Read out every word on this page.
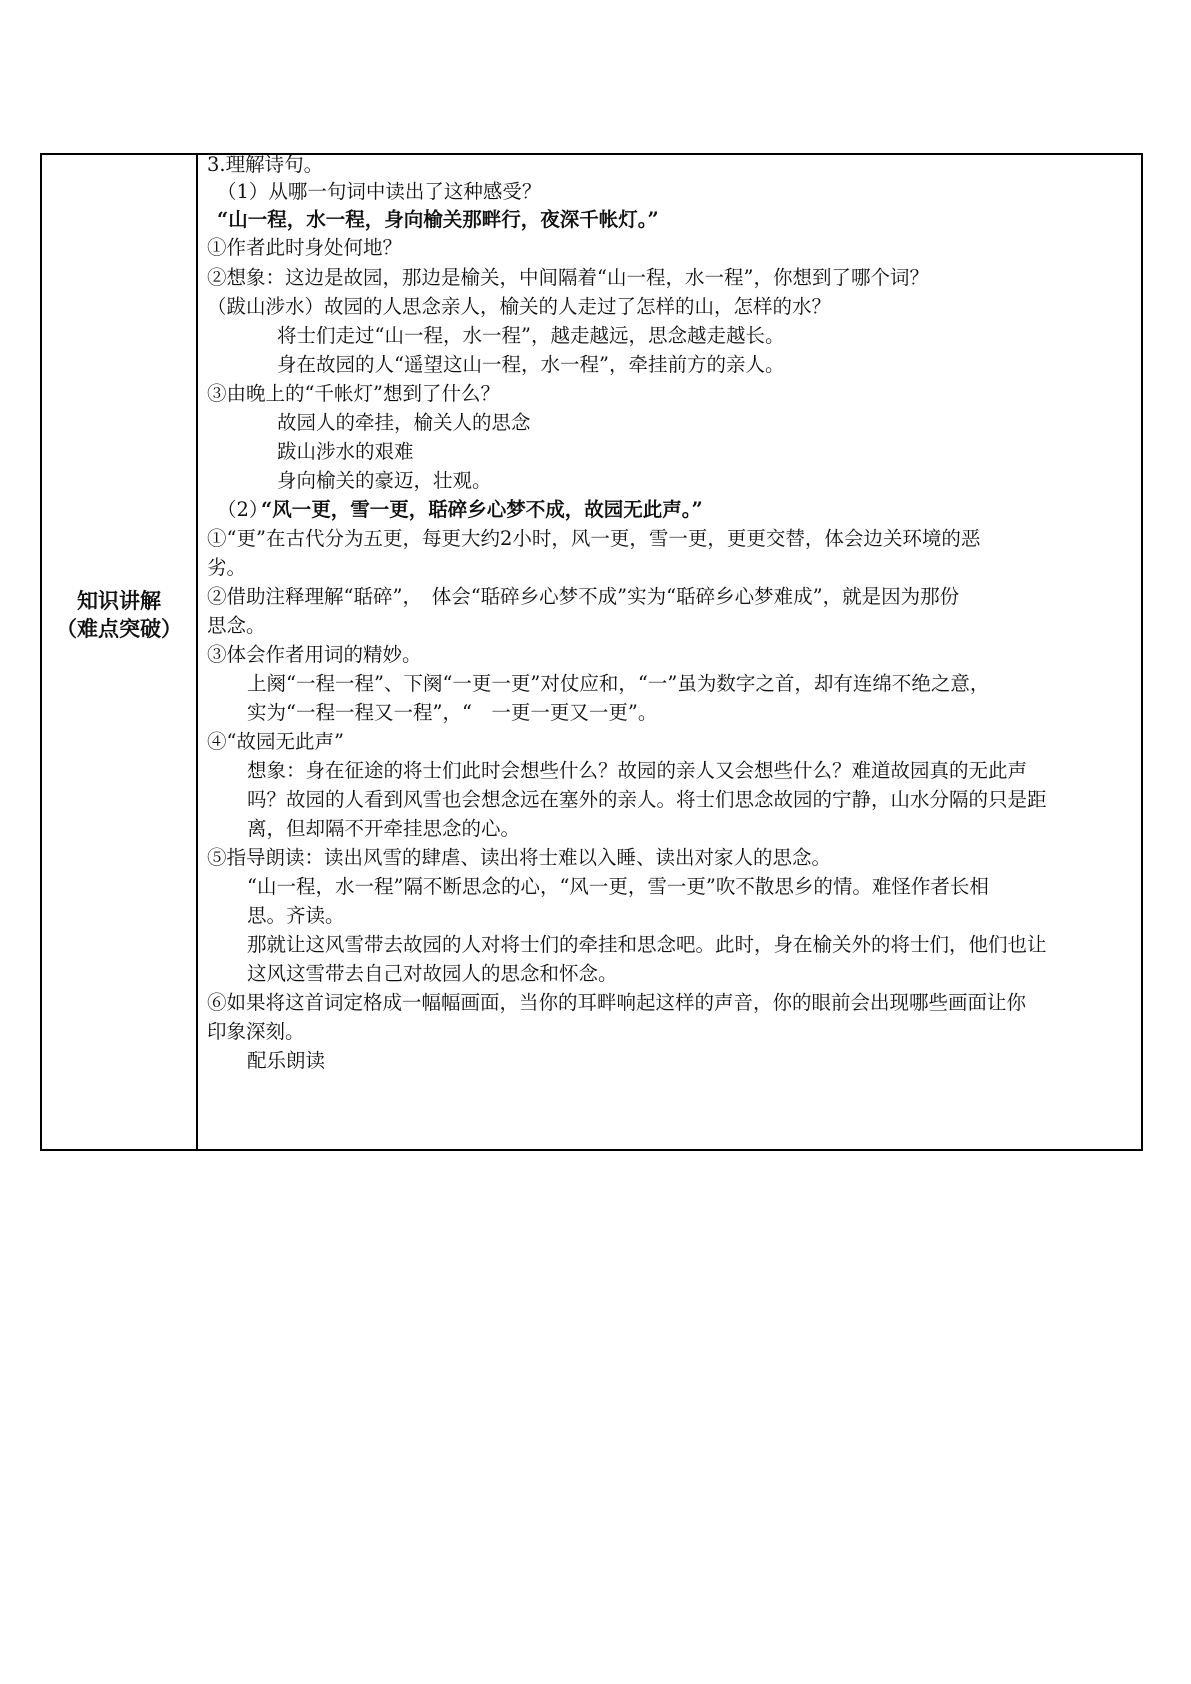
知识讲解
（难点突破）
3.理解诗句。
（1）从哪一句词中读出了这种感受？
“山一程，水一程，身向榆关那畔行，夜深千帐灯。”
①作者此时身处何地？
②想象：这边是故园，那边是榆关，中间隔着“山一程，水一程”，你想到了哪个词？
（跋山涉水）故园的人思念亲人，榆关的人走过了怎样的山，怎样的水？
将士们走过“山一程，水一程”，越走越远，思念越走越长。
身在故园的人“遥望这山一程，水一程”，牵挂前方的亲人。
③由晚上的“千帐灯”想到了什么？
故园人的牵挂，榆关人的思念
跋山涉水的艰难
身向榆关的豪迈，壮观。
（2）
“风一更，雪一更，聒碎乡心梦不成，故园无此声。”
①“更”在古代分为五更，每更大约2小时，风一更，雪一更，更更交替，体会边关环境的恶
劣。
②借助注释理解“聒碎”，　体会“聒碎乡心梦不成”实为“聒碎乡心梦难成”，就是因为那份
思念。
③体会作者用词的精妙。
上阕“一程一程”、下阕“一更一更”对仗应和，“一”虽为数字之首，却有连绵不绝之意，
实为“一程一程又一程”，“　一更一更又一更”。
④“故园无此声”
想象：身在征途的将士们此时会想些什么？故园的亲人又会想些什么？难道故园真的无此声
吗？故园的人看到风雪也会想念远在塞外的亲人。将士们思念故园的宁静，山水分隔的只是距
离，但却隔不开牵挂思念的心。
⑤指导朗读：读出风雪的肆虐、读出将士难以入睡、读出对家人的思念。
“山一程，水一程”隔不断思念的心，“风一更，雪一更”吹不散思乡的情。难怪作者长相
思。齐读。
那就让这风雪带去故园的人对将士们的牵挂和思念吧。此时，身在榆关外的将士们，他们也让
这风这雪带去自己对故园人的思念和怀念。
⑥如果将这首词定格成一幅幅画面，当你的耳畔响起这样的声音，你的眼前会出现哪些画面让你
印象深刻。
配乐朗读
